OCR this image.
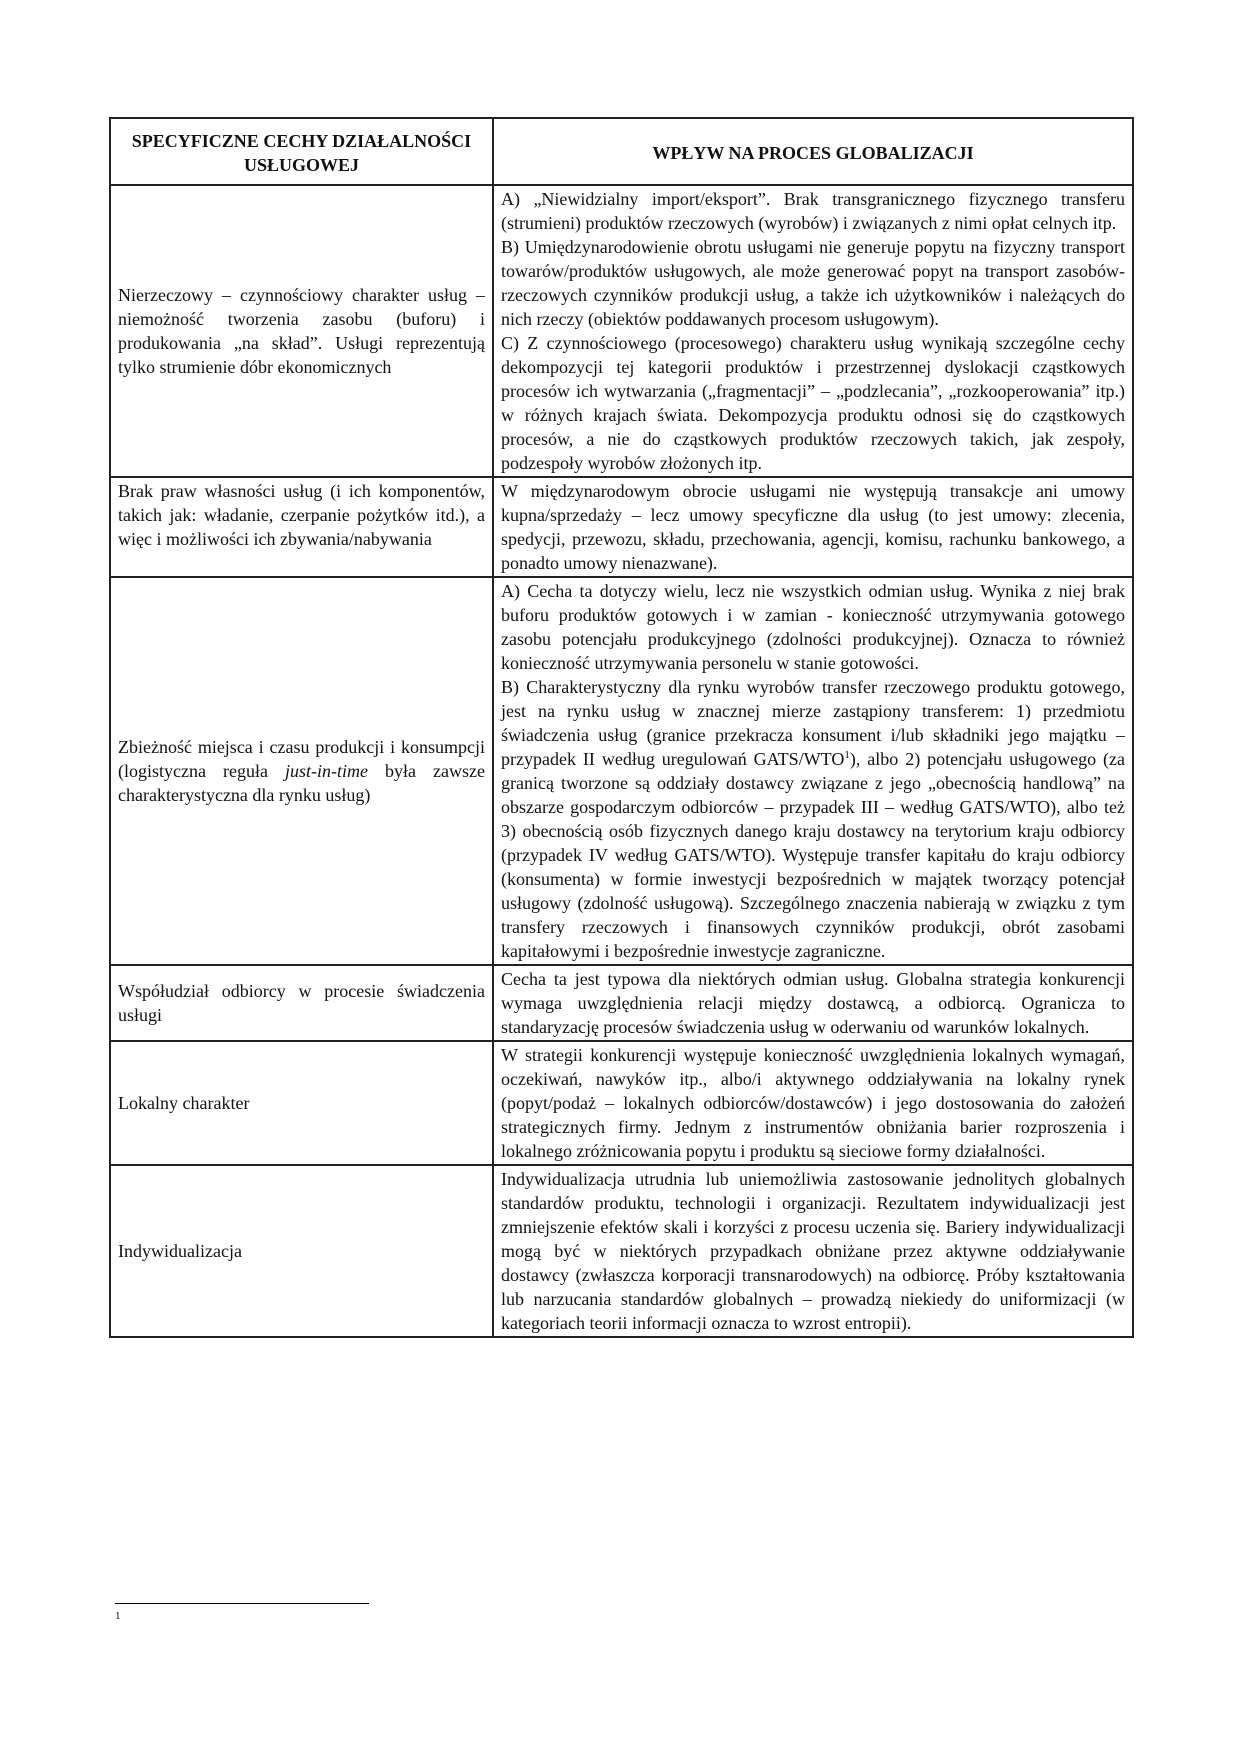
SPECYFICZNE CECHY DZIAŁALNOŚCI USŁUGOWEJ	WPŁYW NA PROCES GLOBALIZACJI
Nierzeczowy – czynnościowy charakter usług – niemożność tworzenia zasobu (buforu) i produkowania „na skład”. Usługi reprezentują tylko strumienie dóbr ekonomicznych	A) „Niewidzialny import/eksport”. Brak transgranicznego fizycznego transferu (strumieni) produktów rzeczowych (wyrobów) i związanych z nimi opłat celnych itp.

B) Umiędzynarodowienie obrotu usługami nie generuje popytu na fizyczny transport towarów/produktów usługowych, ale może generować popyt na transport zasobów-rzeczowych czynników produkcji usług, a także ich użytkowników i należących do nich rzeczy (obiektów poddawanych procesom usługowym).

C) Z czynnościowego (procesowego) charakteru usług wynikają szczególne cechy dekompozycji tej kategorii produktów i przestrzennej dyslokacji cząstkowych procesów ich wytwarzania („fragmentacji” – „podzlecania”, „rozkooperowania” itp.) w różnych krajach świata. Dekompozycja produktu odnosi się do cząstkowych procesów, a nie do cząstkowych produktów rzeczowych takich, jak zespoły, podzespoły wyrobów złożonych itp.

Brak praw własności usług (i ich komponentów, takich jak: władanie, czerpanie pożytków itd.), a więc i możliwości ich zbywania/nabywania	W międzynarodowym obrocie usługami nie występują transakcje ani umowy kupna/sprzedaży – lecz umowy specyficzne dla usług (to jest umowy: zlecenia, spedycji, przewozu, składu, przechowania, agencji, komisu, rachunku bankowego, a ponadto umowy nienazwane).

Zbieżność miejsca i czasu produkcji i konsumpcji (logistyczna reguła just-in-time była zawsze charakterystyczna dla rynku usług)	A) Cecha ta dotyczy wielu, lecz nie wszystkich odmian usług. Wynika z niej brak buforu produktów gotowych i w zamian - konieczność utrzymywania gotowego zasobu potencjału produkcyjnego (zdolności produkcyjnej). Oznacza to również konieczność utrzymywania personelu w stanie gotowości.

B) Charakterystyczny dla rynku wyrobów transfer rzeczowego produktu gotowego, jest na rynku usług w znacznej mierze zastąpiony transferem: 1) przedmiotu świadczenia usług (granice przekracza konsument i/lub składniki jego majątku – przypadek II według uregulowań GATS/WTO$^1$), albo 2) potencjału usługowego (za granicą tworzone są oddziały dostawcy związane z jego „obecnością handlową” na obszarze gospodarczym odbiorców – przypadek III – według GATS/WTO), albo też 3) obecnością osób fizycznych danego kraju dostawcy na terytorium kraju odbiorcy (przypadek IV według GATS/WTO). Występuje transfer kapitału do kraju odbiorcy (konsumenta) w formie inwestycji bezpośrednich w majątek tworzący potencjał usługowy (zdolność usługową). Szczególnego znaczenia nabierają w związku z tym transfery rzeczowych i finansowych czynników produkcji, obrót zasobami kapitałowymi i bezpośrednie inwestycje zagraniczne.

Współudział odbiorcy w procesie świadczenia usługi	Cecha ta jest typowa dla niektórych odmian usług. Globalna strategia konkurencji wymaga uwzględnienia relacji między dostawcą, a odbiorcą. Ogranicza to standaryzację procesów świadczenia usług w oderwaniu od warunków lokalnych.

Lokalny charakter	W strategii konkurencji występuje konieczność uwzględnienia lokalnych wymagań, oczekiwań, nawyków itp., albo/i aktywnego oddziaływania na lokalny rynek (popyt/podaż – lokalnych odbiorców/dostawców) i jego dostosowania do założeń strategicznych firmy. Jednym z instrumentów obniżania barier rozproszenia i lokalnego zróżnicowania popytu i produktu są sieciowe formy działalności.

Indywidualizacja	Indywidualizacja utrudnia lub uniemożliwia zastosowanie jednolitych globalnych standardów produktu, technologii i organizacji. Rezultatem indywidualizacji jest zmniejszenie efektów skali i korzyści z procesu uczenia się. Bariery indywidualizacji mogą być w niektórych przypadkach obniżane przez aktywne oddziaływanie dostawcy (zwłaszcza korporacji transnarodowych) na odbiorcę. Próby kształtowania lub narzucania standardów globalnych – prowadzą niekiedy do uniformizacji (w kategoriach teorii informacji oznacza to wzrost entropii).

1
